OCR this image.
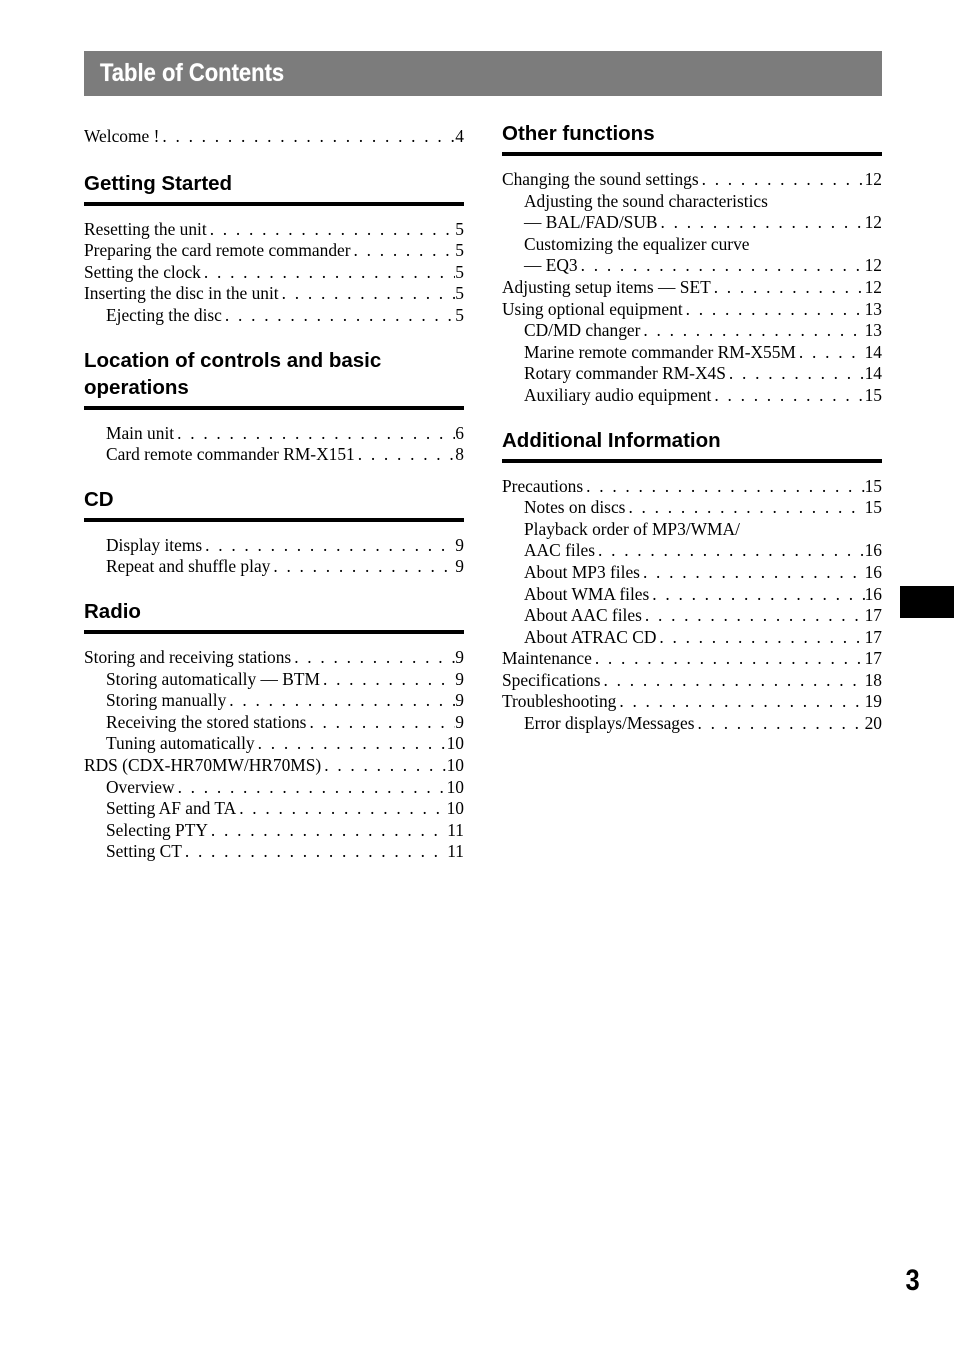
Table of Contents
Welcome ! . . .	4
Getting Started
Resetting the unit . . .	5
Preparing the card remote commander . . .	5
Setting the clock . . .	5
Inserting the disc in the unit . . .	5
Ejecting the disc . . .	5
Location of controls and basic operations
Main unit . . .	6
Card remote commander RM-X151 . . .	8
CD
Display items . . .	9
Repeat and shuffle play . . .	9
Radio
Storing and receiving stations . . .	9
Storing automatically — BTM . . .	9
Storing manually . . .	9
Receiving the stored stations . . .	9
Tuning automatically . . .	10
RDS (CDX-HR70MW/HR70MS) . . .	10
Overview . . .	10
Setting AF and TA . . .	10
Selecting PTY . . .	11
Setting CT . . .	11
Other functions
Changing the sound settings . . .	12
Adjusting the sound characteristics
— BAL/FAD/SUB . . .	12
Customizing the equalizer curve
— EQ3 . . .	12
Adjusting setup items — SET . . .	12
Using optional equipment . . .	13
CD/MD changer . . .	13
Marine remote commander RM-X55M . . .	14
Rotary commander RM-X4S . . .	14
Auxiliary audio equipment . . .	15
Additional Information
Precautions . . .	15
Notes on discs . . .	15
Playback order of MP3/WMA/
AAC files . . .	16
About MP3 files . . .	16
About WMA files . . .	16
About AAC files . . .	17
About ATRAC CD . . .	17
Maintenance . . .	17
Specifications . . .	18
Troubleshooting . . .	19
Error displays/Messages . . .	20
3
